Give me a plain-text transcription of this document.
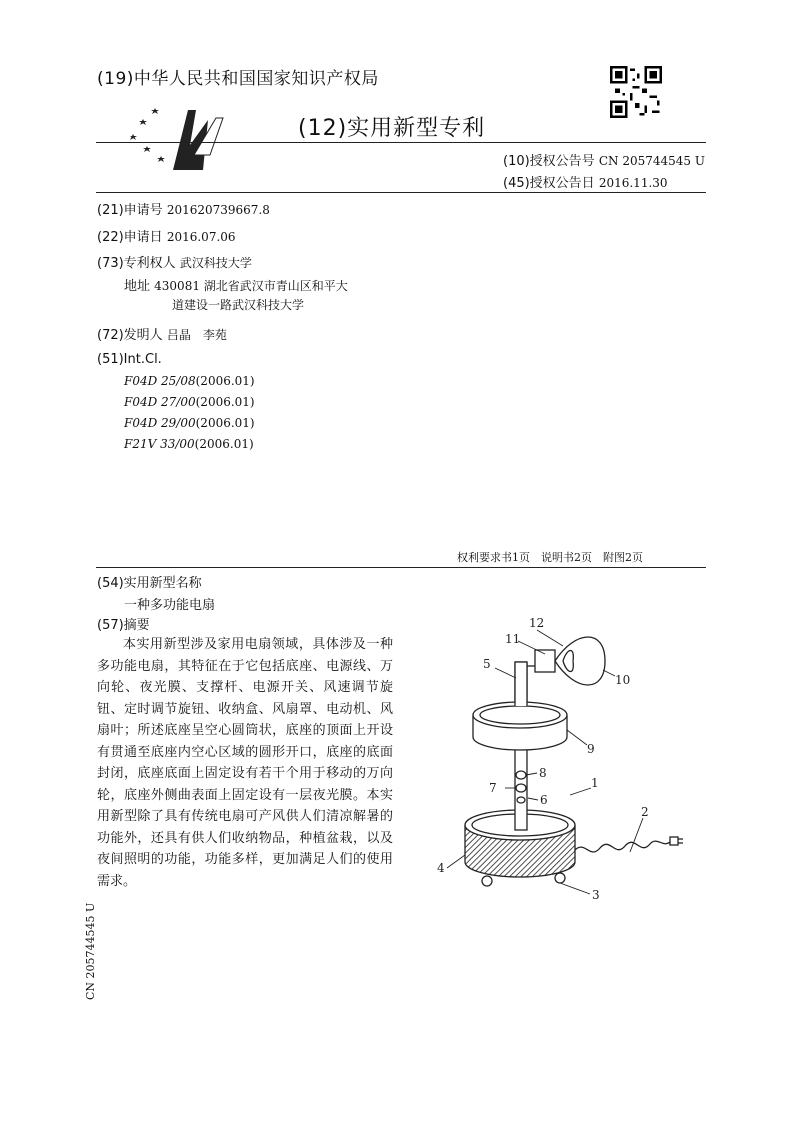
(19)中华人民共和国国家知识产权局
(12)实用新型专利
(10)授权公告号 CN 205744545 U
(45)授权公告日 2016.11.30
(21)申请号 201620739667.8
(22)申请日 2016.07.06
(73)专利权人 武汉科技大学
地址 430081 湖北省武汉市青山区和平大
道建设一路武汉科技大学
(72)发明人 吕晶　李苑
(51)Int.Cl.
F04D 25/08(2006.01)
F04D 27/00(2006.01)
F04D 29/00(2006.01)
F21V 33/00(2006.01)
权利要求书1页　说明书2页　附图2页
(54)实用新型名称
一种多功能电扇
(57)摘要
本实用新型涉及家用电扇领域，具体涉及一种多功能电扇，其特征在于它包括底座、电源线、万向轮、夜光膜、支撑杆、电源开关、风速调节旋钮、定时调节旋钮、收纳盒、风扇罩、电动机、风扇叶；所述底座呈空心圆筒状，底座的顶面上开设有贯通至底座内空心区域的圆形开口，底座的底面封闭，底座底面上固定设有若干个用于移动的万向轮，底座外侧曲表面上固定设有一层夜光膜。本实用新型除了具有传统电扇可产风供人们清凉解暑的功能外，还具有供人们收纳物品，种植盆栽，以及夜间照明的功能，功能多样，更加满足人们的使用需求。
CN 205744545 U
1
2
3
4
5
6
7
8
9
10
11
12
